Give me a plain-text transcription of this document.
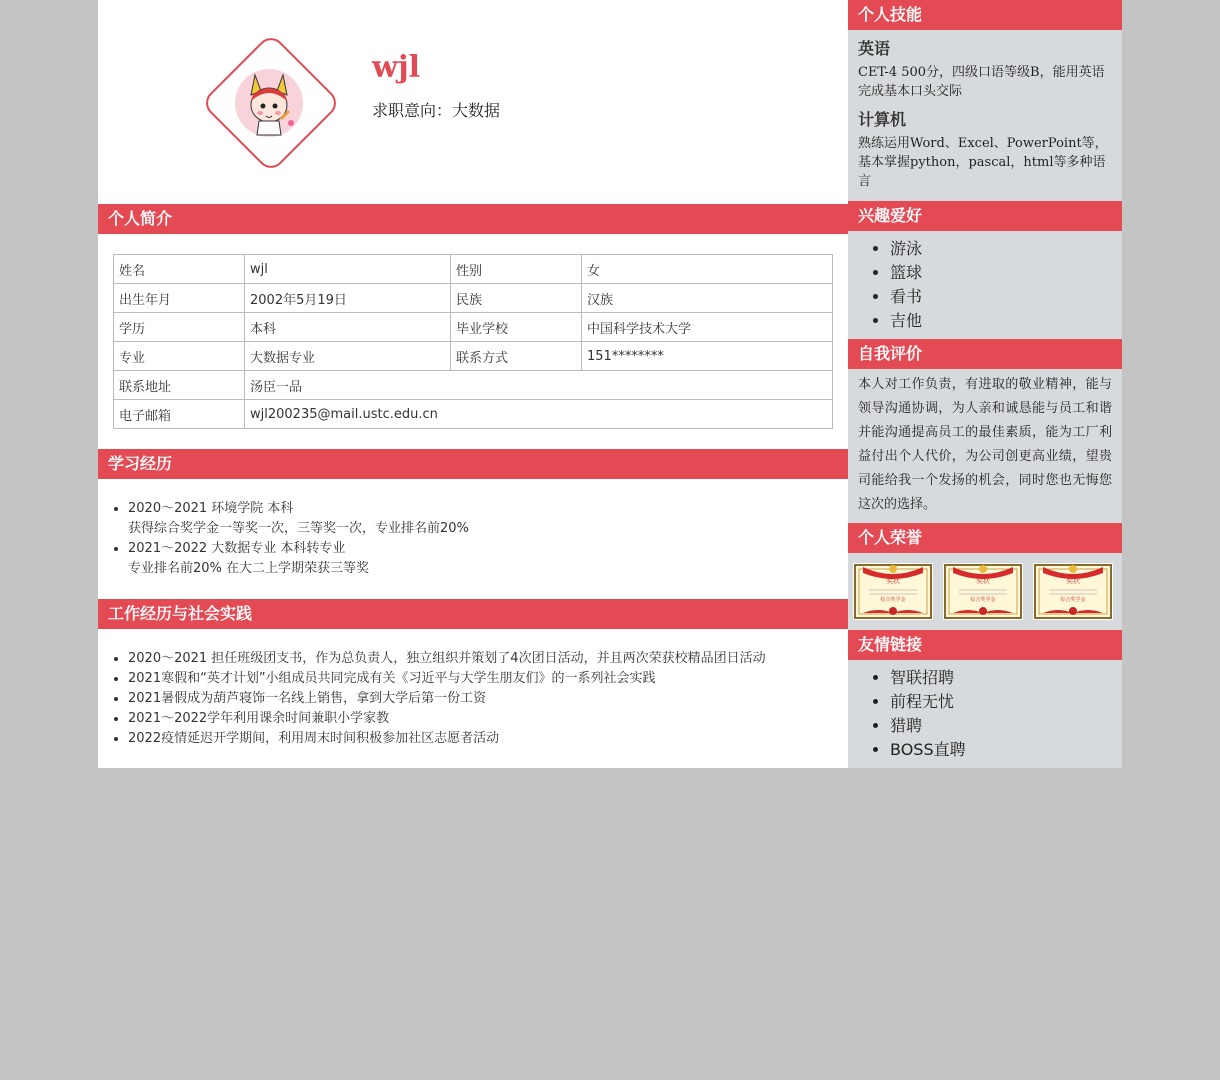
wjl
求职意向：大数据
个人简介
姓名	wjl	性别	女
出生年月	2002年5月19日	民族	汉族
学历	本科	毕业学校	中国科学技术大学
专业	大数据专业	联系方式	151********
联系地址	汤臣一品		
电子邮箱	wjl200235@mail.ustc.edu.cn		
学习经历
• 2020～2021 环境学院 本科
获得综合奖学金一等奖一次，三等奖一次，专业排名前20%
• 2021～2022 大数据专业 本科转专业
专业排名前20% 在大二上学期荣获三等奖
工作经历与社会实践
• 2020～2021 担任班级团支书，作为总负责人，独立组织并策划了4次团日活动，并且两次荣获校精品团日活动
• 2021寒假和“英才计划”小组成员共同完成有关《习近平与大学生朋友们》的一系列社会实践
• 2021暑假成为葫芦寝饰一名线上销售，拿到大学后第一份工资
• 2021～2022学年利用课余时间兼职小学家教
• 2022疫情延迟开学期间，利用周末时间积极参加社区志愿者活动
个人技能
英语
CET-4 500分，四级口语等级B，能用英语完成基本口头交际
计算机
熟练运用Word、Excel、PowerPoint等，基本掌握python，pascal，html等多种语言
兴趣爱好
• 游泳
• 篮球
• 看书
• 吉他
自我评价
本人对工作负责，有进取的敬业精神，能与领导沟通协调，为人亲和诚恳能与员工和谐并能沟通提高员工的最佳素质，能为工厂利益付出个人代价，为公司创更高业绩，望贵司能给我一个发扬的机会，同时您也无悔您这次的选择。
个人荣誉
奖状
综合奖学金
奖状
综合奖学金
奖状
综合奖学金
友情链接
• 智联招聘
• 前程无忧
• 猎聘
• BOSS直聘
